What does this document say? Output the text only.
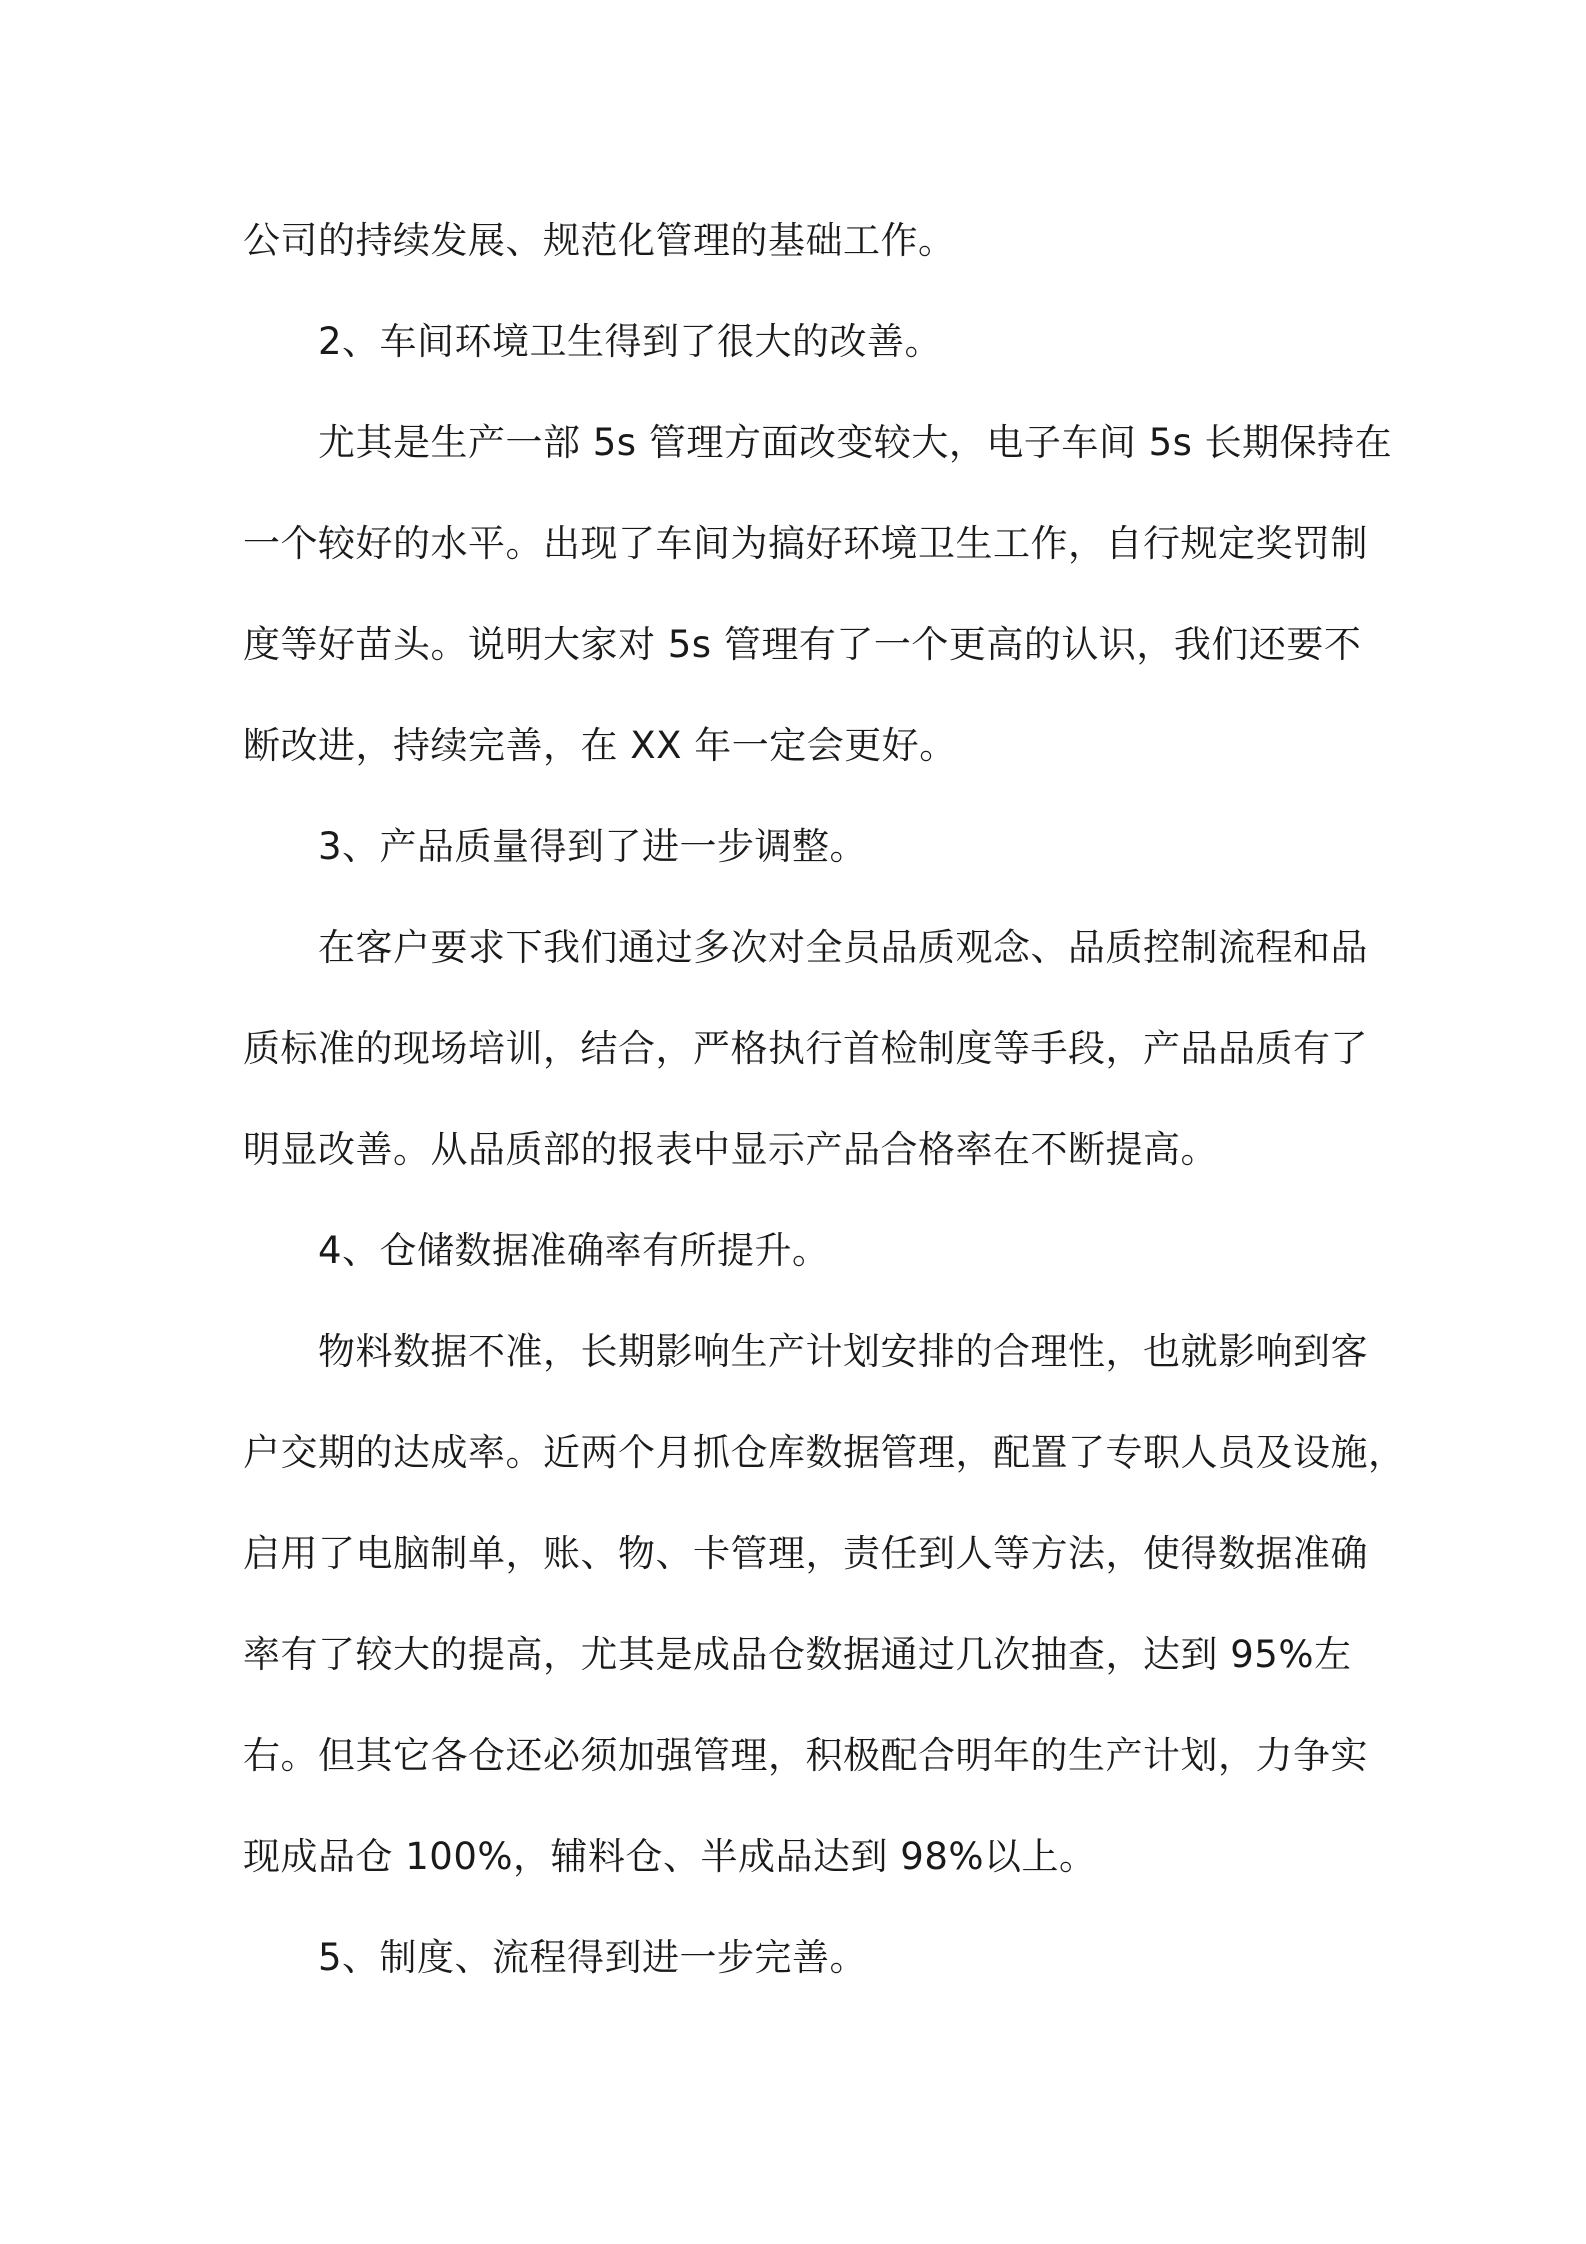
公司的持续发展、规范化管理的基础工作。
2、车间环境卫生得到了很大的改善。
尤其是生产一部 5s 管理方面改变较大，电子车间 5s 长期保持在
一个较好的水平。出现了车间为搞好环境卫生工作，自行规定奖罚制
度等好苗头。说明大家对 5s 管理有了一个更高的认识，我们还要不
断改进，持续完善，在 XX 年一定会更好。
3、产品质量得到了进一步调整。
在客户要求下我们通过多次对全员品质观念、品质控制流程和品
质标准的现场培训，结合，严格执行首检制度等手段，产品品质有了
明显改善。从品质部的报表中显示产品合格率在不断提高。
4、仓储数据准确率有所提升。
物料数据不准，长期影响生产计划安排的合理性，也就影响到客
户交期的达成率。近两个月抓仓库数据管理，配置了专职人员及设施，
启用了电脑制单，账、物、卡管理，责任到人等方法，使得数据准确
率有了较大的提高，尤其是成品仓数据通过几次抽查，达到 95%左
右。但其它各仓还必须加强管理，积极配合明年的生产计划，力争实
现成品仓 100%，辅料仓、半成品达到 98%以上。
5、制度、流程得到进一步完善。
